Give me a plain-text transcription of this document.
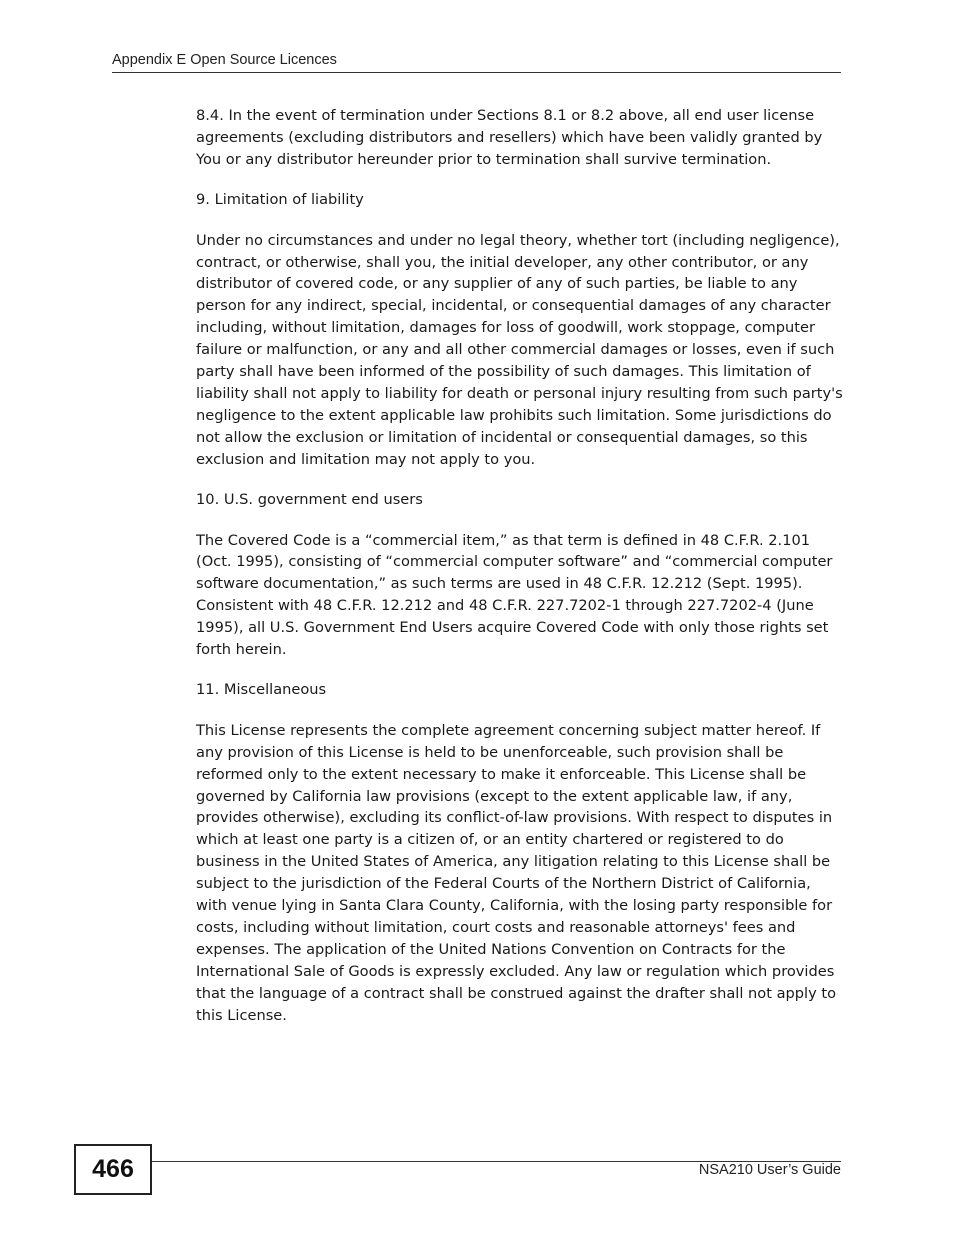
Appendix E Open Source Licences

8.4. In the event of termination under Sections 8.1 or 8.2 above, all end user license agreements (excluding distributors and resellers) which have been validly granted by You or any distributor hereunder prior to termination shall survive termination.

9. Limitation of liability

Under no circumstances and under no legal theory, whether tort (including negligence), contract, or otherwise, shall you, the initial developer, any other contributor, or any distributor of covered code, or any supplier of any of such parties, be liable to any person for any indirect, special, incidental, or consequential damages of any character including, without limitation, damages for loss of goodwill, work stoppage, computer failure or malfunction, or any and all other commercial damages or losses, even if such party shall have been informed of the possibility of such damages. This limitation of liability shall not apply to liability for death or personal injury resulting from such party's negligence to the extent applicable law prohibits such limitation. Some jurisdictions do not allow the exclusion or limitation of incidental or consequential damages, so this exclusion and limitation may not apply to you.

10. U.S. government end users

The Covered Code is a “commercial item,” as that term is defined in 48 C.F.R. 2.101 (Oct. 1995), consisting of “commercial computer software” and “commercial computer software documentation,” as such terms are used in 48 C.F.R. 12.212 (Sept. 1995). Consistent with 48 C.F.R. 12.212 and 48 C.F.R. 227.7202-1 through 227.7202-4 (June 1995), all U.S. Government End Users acquire Covered Code with only those rights set forth herein.

11. Miscellaneous

This License represents the complete agreement concerning subject matter hereof. If any provision of this License is held to be unenforceable, such provision shall be reformed only to the extent necessary to make it enforceable. This License shall be governed by California law provisions (except to the extent applicable law, if any, provides otherwise), excluding its conflict-of-law provisions. With respect to disputes in which at least one party is a citizen of, or an entity chartered or registered to do business in the United States of America, any litigation relating to this License shall be subject to the jurisdiction of the Federal Courts of the Northern District of California, with venue lying in Santa Clara County, California, with the losing party responsible for costs, including without limitation, court costs and reasonable attorneys' fees and expenses. The application of the United Nations Convention on Contracts for the International Sale of Goods is expressly excluded. Any law or regulation which provides that the language of a contract shall be construed against the drafter shall not apply to this License.

466	NSA210 User’s Guide
